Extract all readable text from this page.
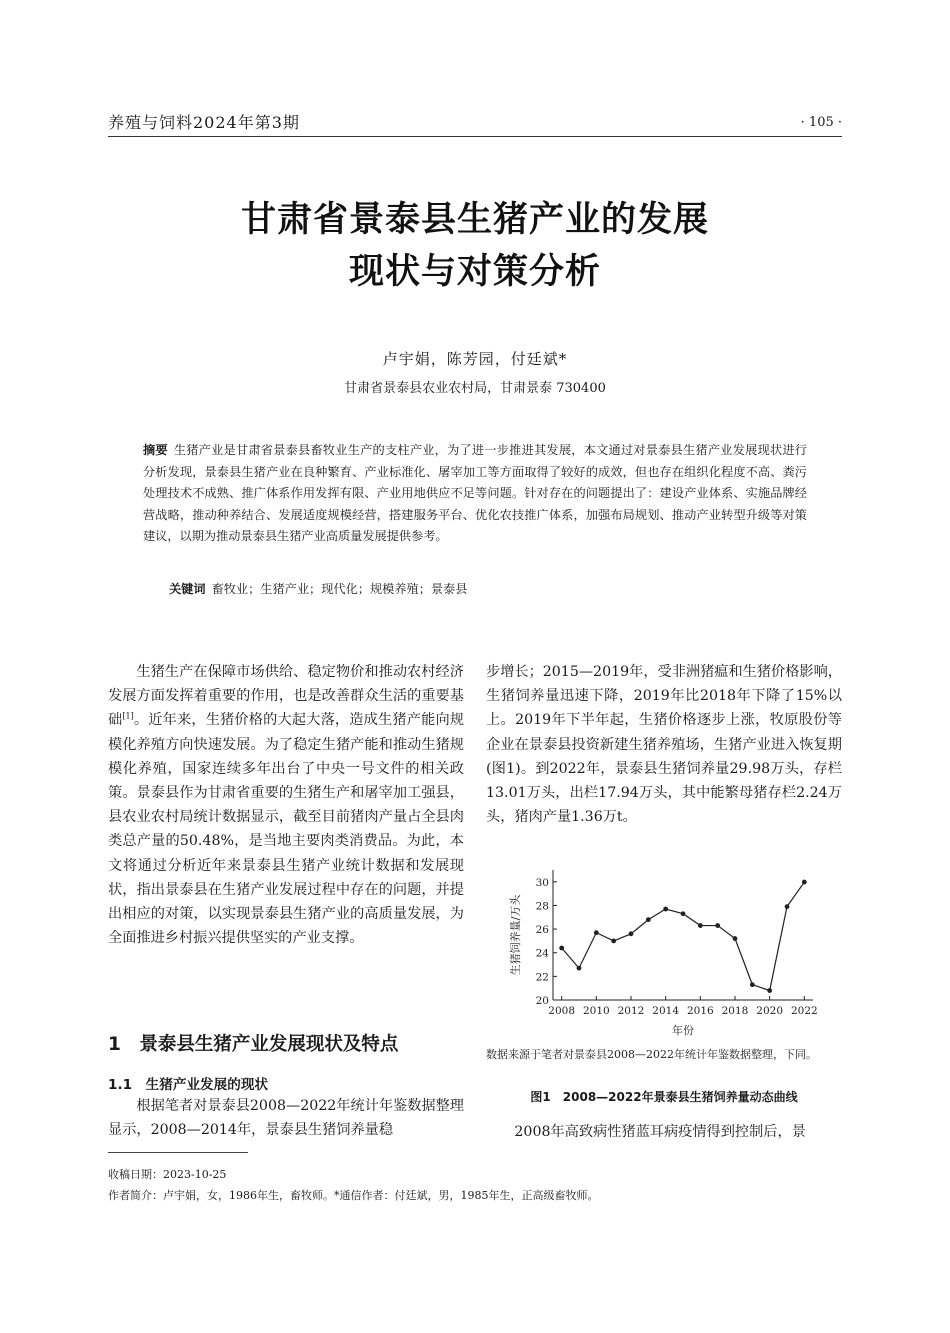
养殖与饲料2024年第3期	· 105 ·
甘肃省景泰县生猪产业的发展
现状与对策分析
卢宇娟，陈芳园，付廷斌*
甘肃省景泰县农业农村局，甘肃景泰 730400
摘要 生猪产业是甘肃省景泰县畜牧业生产的支柱产业，为了进一步推进其发展，本文通过对景泰县生猪产业发展现状进行分析发现，景泰县生猪产业在良种繁育、产业标准化、屠宰加工等方面取得了较好的成效，但也存在组织化程度不高、粪污处理技术不成熟、推广体系作用发挥有限、产业用地供应不足等问题。针对存在的问题提出了：建设产业体系、实施品牌经营战略，推动种养结合、发展适度规模经营，搭建服务平台、优化农技推广体系，加强布局规划、推动产业转型升级等对策建议，以期为推动景泰县生猪产业高质量发展提供参考。
关键词 畜牧业；生猪产业；现代化；规模养殖；景泰县

生猪生产在保障市场供给、稳定物价和推动农村经济发展方面发挥着重要的作用，也是改善群众生活的重要基础[1]。近年来，生猪价格的大起大落，造成生猪产能向规模化养殖方向快速发展。为了稳定生猪产能和推动生猪规模化养殖，国家连续多年出台了中央一号文件的相关政策。景泰县作为甘肃省重要的生猪生产和屠宰加工强县，县农业农村局统计数据显示，截至目前猪肉产量占全县肉类总产量的50.48%，是当地主要肉类消费品。为此，本文将通过分析近年来景泰县生猪产业统计数据和发展现状，指出景泰县在生猪产业发展过程中存在的问题，并提出相应的对策，以实现景泰县生猪产业的高质量发展，为全面推进乡村振兴提供坚实的产业支撑。

1　景泰县生猪产业发展现状及特点
1.1　生猪产业发展的现状

根据笔者对景泰县2008—2022年统计年鉴数据整理显示，2008—2014年，景泰县生猪饲养量稳

步增长；2015—2019年，受非洲猪瘟和生猪价格影响，生猪饲养量迅速下降，2019年比2018年下降了15%以上。2019年下半年起，生猪价格逐步上涨，牧原股份等企业在景泰县投资新建生猪养殖场，生猪产业进入恢复期(图1)。到2022年，景泰县生猪饲养量29.98万头，存栏13.01万头，出栏17.94万头，其中能繁母猪存栏2.24万头，猪肉产量1.36万t。

20
22
24
26
28
30
2008 2010 2012 2014 2016 2018 2020 2022
年份
生猪饲养量/万头
数据来源于笔者对景泰县2008—2022年统计年鉴数据整理，下同。
图1　2008—2022年景泰县生猪饲养量动态曲线

2008年高致病性猪蓝耳病疫情得到控制后，景

收稿日期：2023-10-25
作者简介：卢宇娟，女，1986年生，畜牧师。*通信作者：付廷斌，男，1985年生，正高级畜牧师。
